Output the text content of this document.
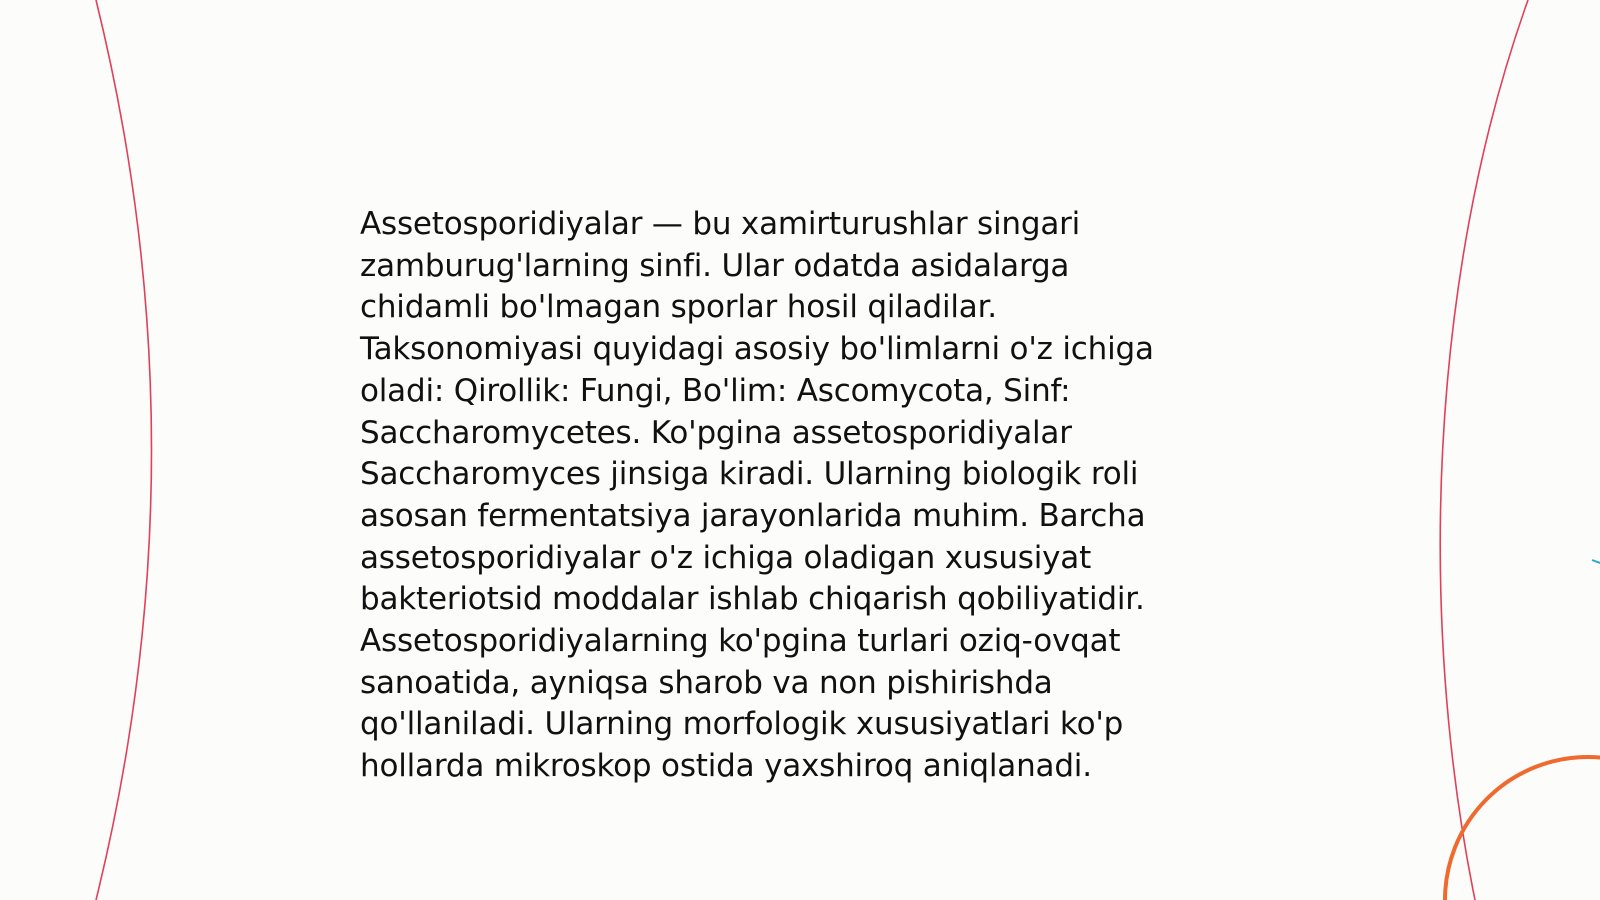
Assetosporidiyalar — bu xamirturushlar singari
zamburug'larning sinfi. Ular odatda asidalarga
chidamli bo'lmagan sporlar hosil qiladilar.
Taksonomiyasi quyidagi asosiy bo'limlarni o'z ichiga
oladi: Qirollik: Fungi, Bo'lim: Ascomycota, Sinf:
Saccharomycetes. Ko'pgina assetosporidiyalar
Saccharomyces jinsiga kiradi. Ularning biologik roli
asosan fermentatsiya jarayonlarida muhim. Barcha
assetosporidiyalar o'z ichiga oladigan xususiyat
bakteriotsid moddalar ishlab chiqarish qobiliyatidir.
Assetosporidiyalarning ko'pgina turlari oziq-ovqat
sanoatida, ayniqsa sharob va non pishirishda
qo'llaniladi. Ularning morfologik xususiyatlari ko'p
hollarda mikroskop ostida yaxshiroq aniqlanadi.
